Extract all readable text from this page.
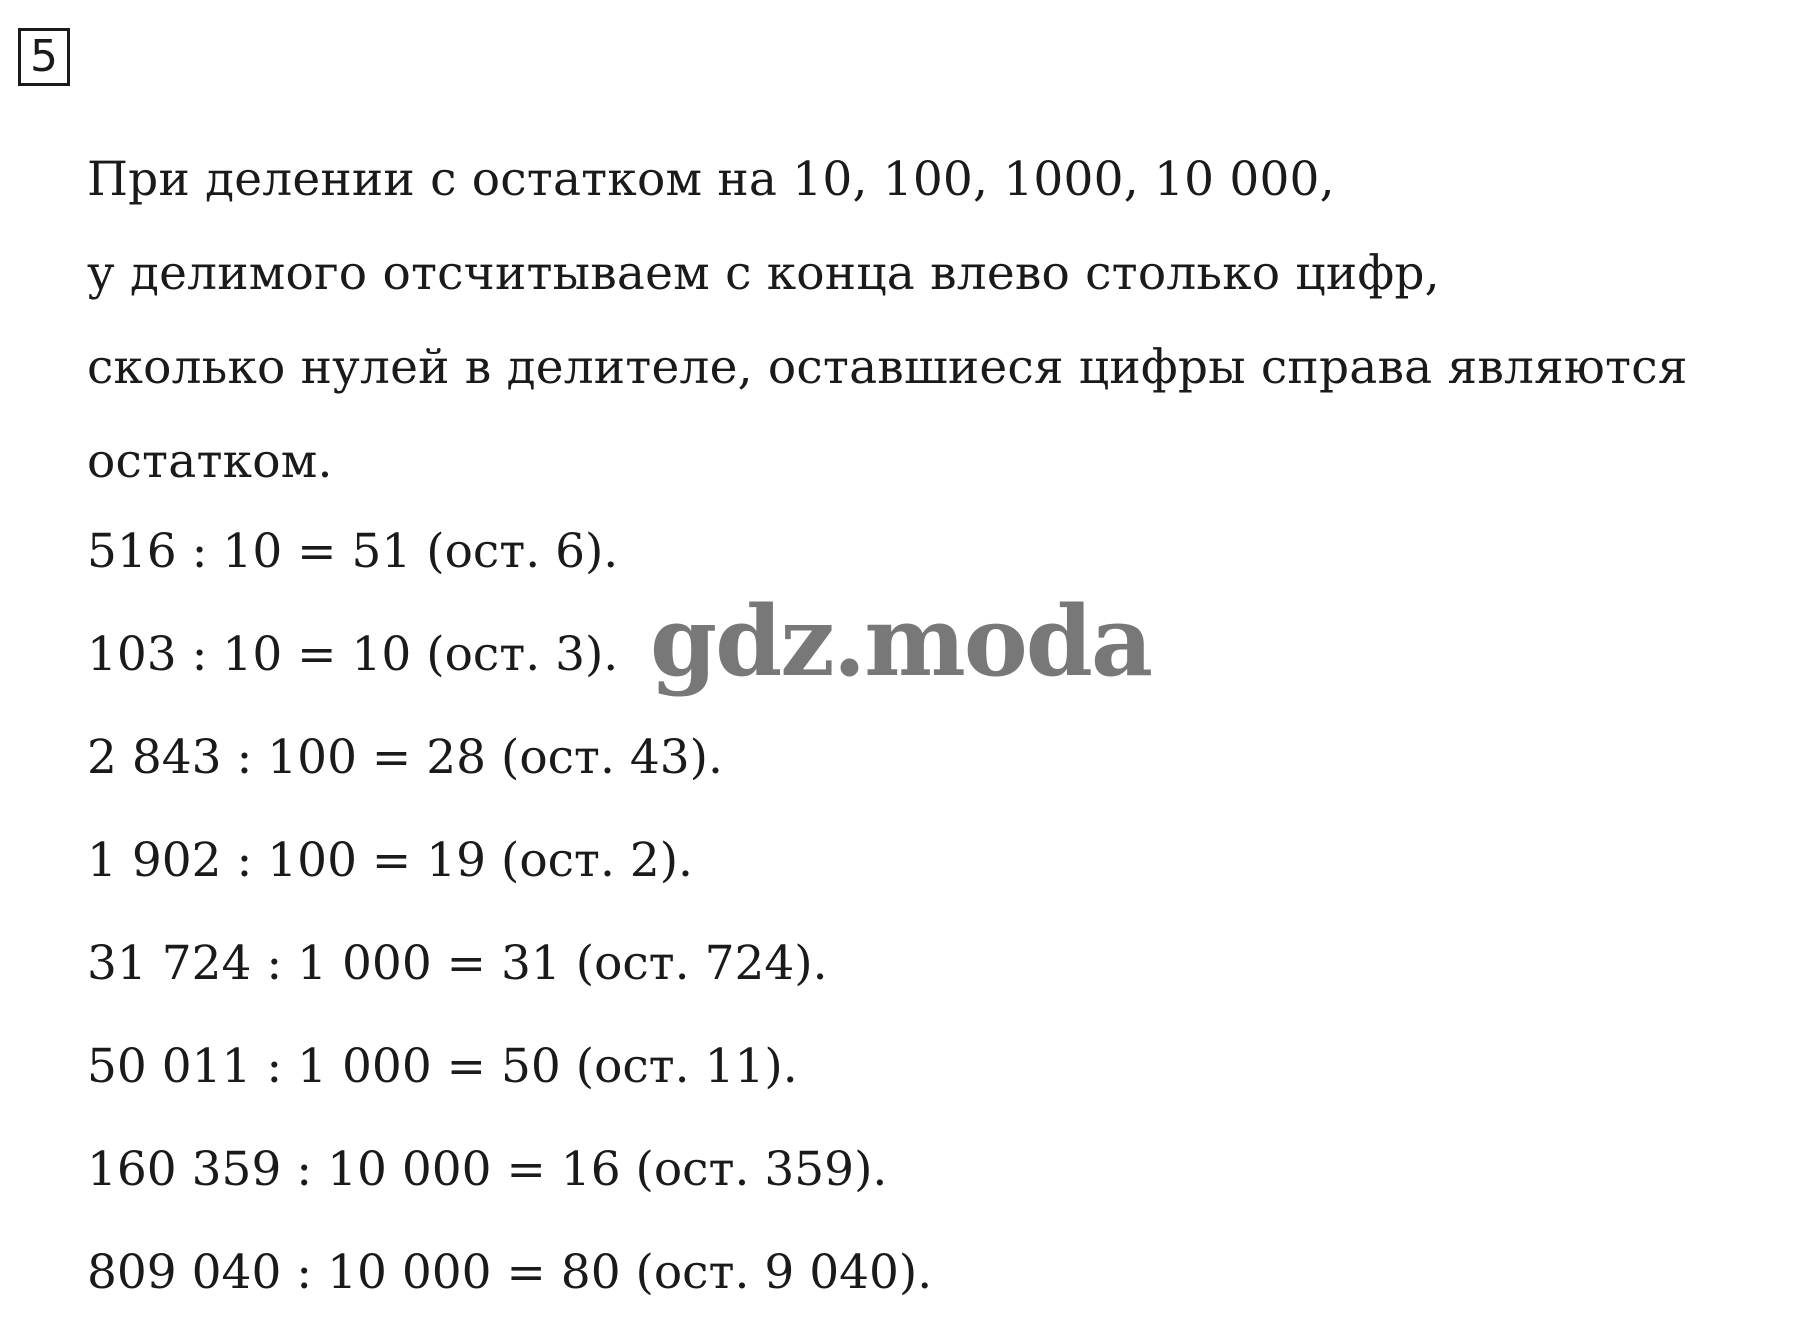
5
При делении с остатком на 10, 100, 1000, 10 000,
у делимого отсчитываем с конца влево столько цифр,
сколько нулей в делителе, оставшиеся цифры справа являются
остатком.
516 : 10 = 51 (ост. 6).
103 : 10 = 10 (ост. 3).
2 843 : 100 = 28 (ост. 43).
1 902 : 100 = 19 (ост. 2).
31 724 : 1 000 = 31 (ост. 724).
50 011 : 1 000 = 50 (ост. 11).
160 359 : 10 000 = 16 (ост. 359).
809 040 : 10 000 = 80 (ост. 9 040).
gdz.moda
